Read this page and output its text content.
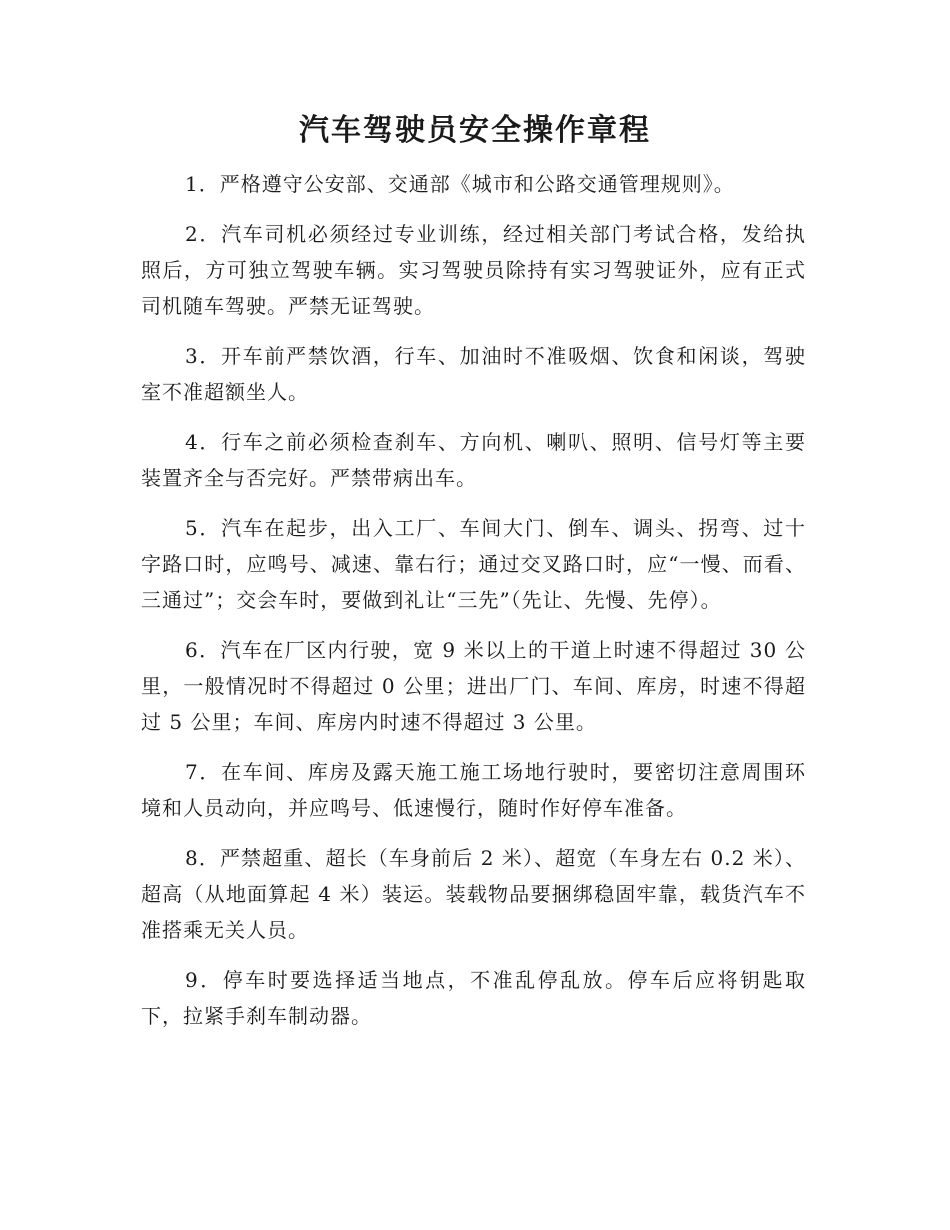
汽车驾驶员安全操作章程

1．严格遵守公安部、交通部《城市和公路交通管理规则》。

2．汽车司机必须经过专业训练，经过相关部门考试合格，发给执照后，方可独立驾驶车辆。实习驾驶员除持有实习驾驶证外，应有正式司机随车驾驶。严禁无证驾驶。

3．开车前严禁饮酒，行车、加油时不准吸烟、饮食和闲谈，驾驶室不准超额坐人。

4．行车之前必须检查刹车、方向机、喇叭、照明、信号灯等主要装置齐全与否完好。严禁带病出车。

5．汽车在起步，出入工厂、车间大门、倒车、调头、拐弯、过十字路口时，应鸣号、减速、靠右行；通过交叉路口时，应“一慢、而看、三通过”；交会车时，要做到礼让“三先”（先让、先慢、先停）。

6．汽车在厂区内行驶，宽 9 米以上的干道上时速不得超过 30 公里，一般情况时不得超过 0 公里；进出厂门、车间、库房，时速不得超过 5 公里；车间、库房内时速不得超过 3 公里。

7．在车间、库房及露天施工施工场地行驶时，要密切注意周围环境和人员动向，并应鸣号、低速慢行，随时作好停车准备。

8．严禁超重、超长（车身前后 2 米）、超宽（车身左右 0.2 米）、超高（从地面算起 4 米）装运。装载物品要捆绑稳固牢靠，载货汽车不准搭乘无关人员。

9．停车时要选择适当地点，不准乱停乱放。停车后应将钥匙取下，拉紧手刹车制动器。
